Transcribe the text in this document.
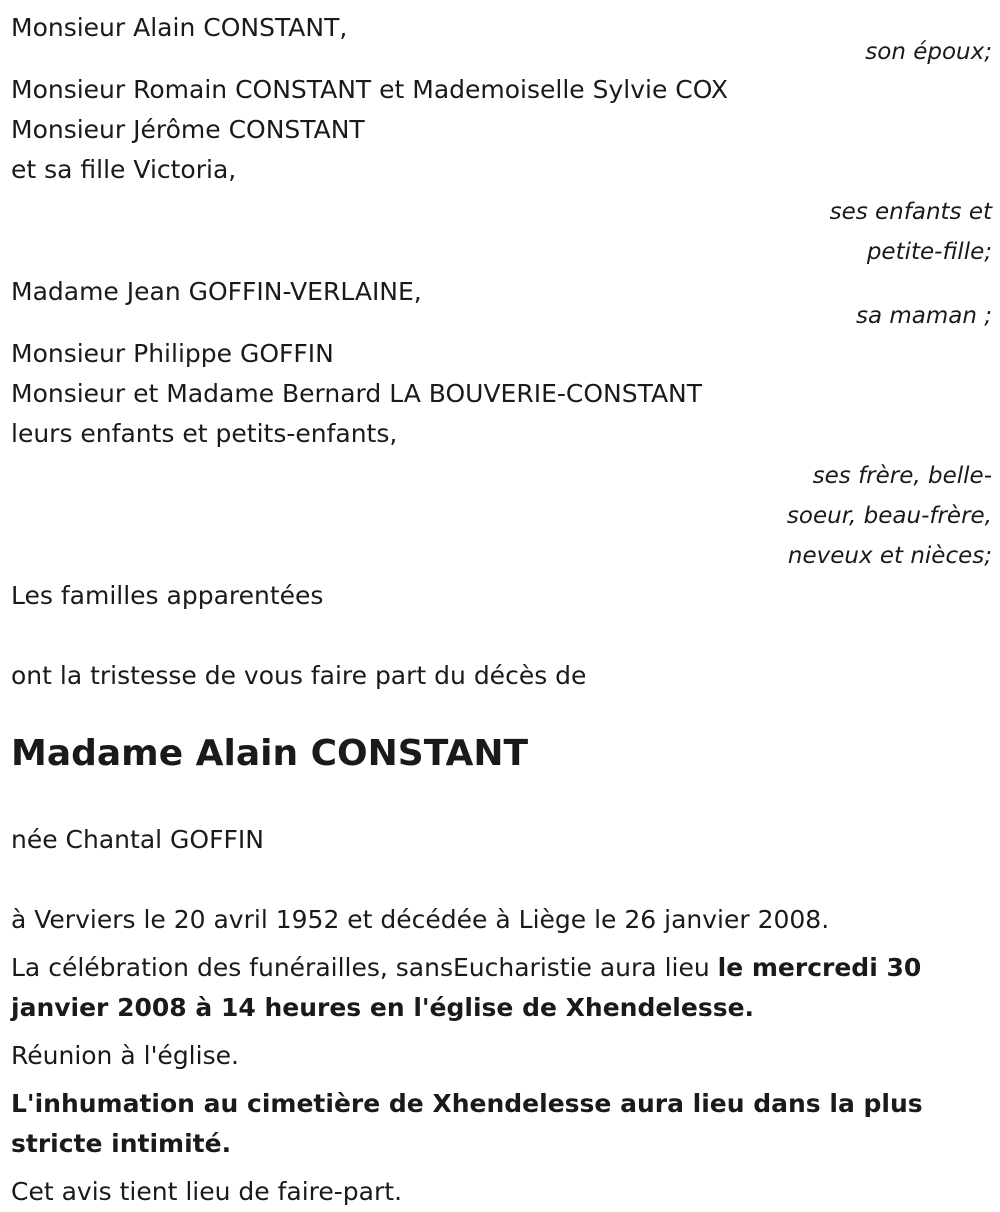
Monsieur Alain CONSTANT,
son époux;
Monsieur Romain CONSTANT et Mademoiselle Sylvie COX
Monsieur Jérôme CONSTANT
et sa fille Victoria,
ses enfants et
petite-fille;
Madame Jean GOFFIN-VERLAINE,
sa maman ;
Monsieur Philippe GOFFIN
Monsieur et Madame Bernard LA BOUVERIE-CONSTANT
leurs enfants et petits-enfants,
ses frère, belle-
soeur, beau-frère,
neveux et nièces;
Les familles apparentées
ont la tristesse de vous faire part du décès de
Madame Alain CONSTANT
née Chantal GOFFIN
à Verviers le 20 avril 1952 et décédée à Liège le 26 janvier 2008.
La célébration des funérailles, sansEucharistie aura lieu le mercredi 30 janvier 2008 à 14 heures en l'église de Xhendelesse.
Réunion à l'église.
L'inhumation au cimetière de Xhendelesse aura lieu dans la plus stricte intimité.
Cet avis tient lieu de faire-part.
